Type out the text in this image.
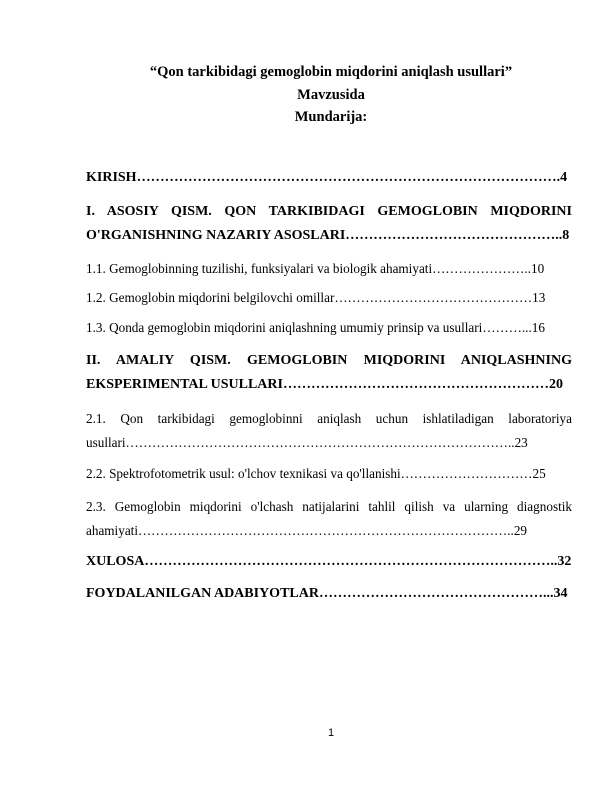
“Qon tarkibidagi gemoglobin miqdorini aniqlash usullari”
Mavzusida
Mundarija:
KIRISH……………………………………………………………………………….4
I. ASOSIY QISM. QON TARKIBIDAGI GEMOGLOBIN MIQDORINI
O'RGANISHNING NAZARIY ASOSLARI………………………………………..8
1.1. Gemoglobinning tuzilishi, funksiyalari va biologik ahamiyati…………………..10
1.2. Gemoglobin miqdorini belgilovchi omillar………………………………………13
1.3. Qonda gemoglobin miqdorini aniqlashning umumiy prinsip va usullari………...16
II. AMALIY QISM. GEMOGLOBIN MIQDORINI ANIQLASHNING
EKSPERIMENTAL USULLARI…………………………………………………20
2.1. Qon tarkibidagi gemoglobinni aniqlash uchun ishlatiladigan laboratoriya
usullari……………………………………………………………………………..23
2.2. Spektrofotometrik usul: o'lchov texnikasi va qo'llanishi…………………………25
2.3. Gemoglobin miqdorini o'lchash natijalarini tahlil qilish va ularning diagnostik
ahamiyati…………………………………………………………………………..29
XULOSA……………………………………………………………………………..32
FOYDALANILGAN ADABIYOTLAR…………………………………………...34
1
